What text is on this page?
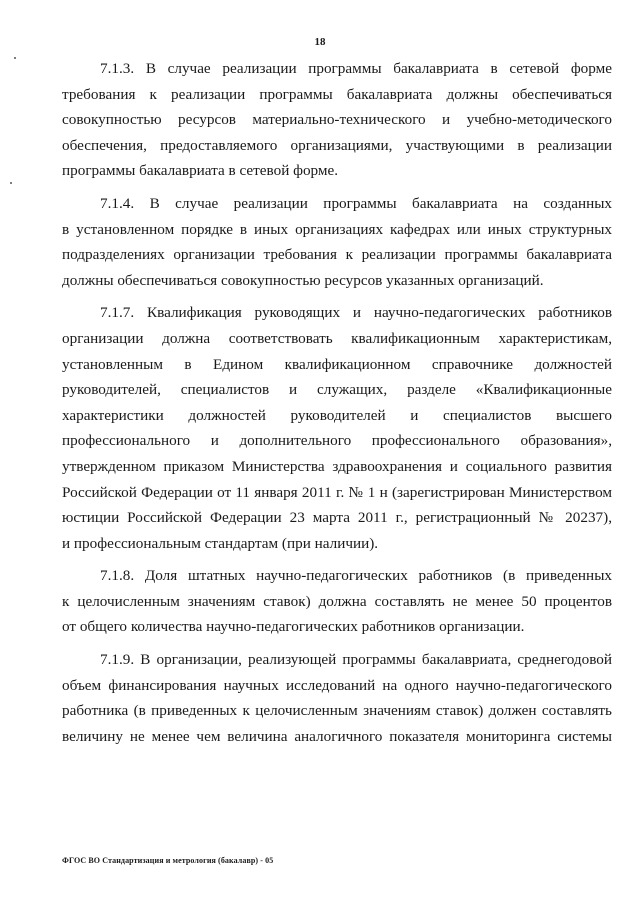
18
7.1.3. В случае реализации программы бакалавриата в сетевой форме
требования к реализации программы бакалавриата должны обеспечиваться
совокупностью ресурсов материально-технического и учебно-методического
обеспечения, предоставляемого организациями, участвующими в реализации
программы бакалавриата в сетевой форме.
7.1.4. В случае реализации программы бакалавриата на созданных
в установленном порядке в иных организациях кафедрах или иных структурных
подразделениях организации требования к реализации программы бакалавриата
должны обеспечиваться совокупностью ресурсов указанных организаций.
7.1.7. Квалификация руководящих и научно-педагогических работников
организации должна соответствовать квалификационным характеристикам,
установленным в Едином квалификационном справочнике должностей
руководителей, специалистов и служащих, разделе «Квалификационные
характеристики должностей руководителей и специалистов высшего
профессионального и дополнительного профессионального образования»,
утвержденном приказом Министерства здравоохранения и социального развития
Российской Федерации от 11 января 2011 г. № 1 н (зарегистрирован Министерством
юстиции Российской Федерации 23 марта 2011 г., регистрационный № 20237),
и профессиональным стандартам (при наличии).
7.1.8. Доля штатных научно-педагогических работников (в приведенных
к целочисленным значениям ставок) должна составлять не менее 50 процентов
от общего количества научно-педагогических работников организации.
7.1.9. В организации, реализующей программы бакалавриата, среднегодовой
объем финансирования научных исследований на одного научно-педагогического
работника (в приведенных к целочисленным значениям ставок) должен составлять
величину не менее чем величина аналогичного показателя мониторинга системы
ФГОС ВО Стандартизация и метрология (бакалавр) - 05
